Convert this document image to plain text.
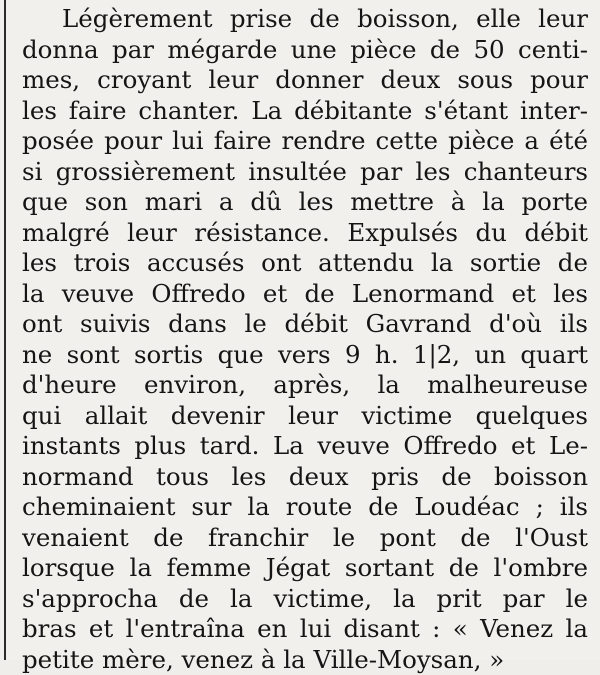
Légèrement prise de boisson, elle leur
donna par mégarde une pièce de 50 centi-
mes, croyant leur donner deux sous pour
les faire chanter. La débitante s'étant inter-
posée pour lui faire rendre cette pièce a été
si grossièrement insultée par les chanteurs
que son mari a dû les mettre à la porte
malgré leur résistance. Expulsés du débit
les trois accusés ont attendu la sortie de
la veuve Offredo et de Lenormand et les
ont suivis dans le débit Gavrand d'où ils
ne sont sortis que vers 9 h. 1|2, un quart
d'heure environ, après, la malheureuse
qui allait devenir leur victime quelques
instants plus tard. La veuve Offredo et Le-
normand tous les deux pris de boisson
cheminaient sur la route de Loudéac ; ils
venaient de franchir le pont de l'Oust
lorsque la femme Jégat sortant de l'ombre
s'approcha de la victime, la prit par le
bras et l'entraîna en lui disant : « Venez la
petite mère, venez à la Ville-Moysan, »
